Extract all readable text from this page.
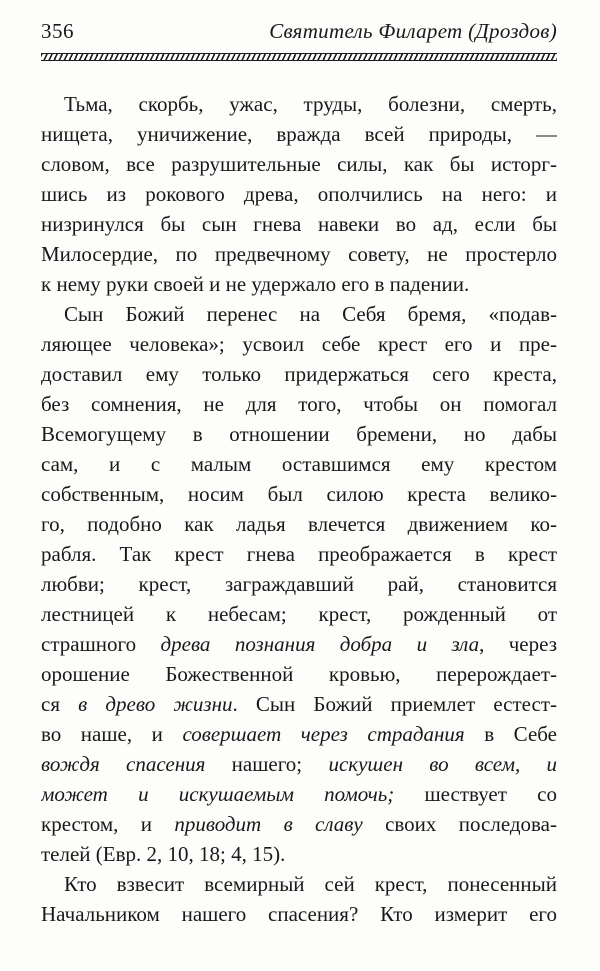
356	Святитель Филарет (Дроздов)
Тьма, скорбь, ужас, труды, болезни, смерть,
нищета, уничижение, вражда всей природы, —
словом, все разрушительные силы, как бы исторг-
шись из рокового древа, ополчились на него: и
низринулся бы сын гнева навеки во ад, если бы
Милосердие, по предвечному совету, не простерло
к нему руки своей и не удержало его в падении.
Сын Божий перенес на Себя бремя, «подав-
ляющее человека»; усвоил себе крест его и пре-
доставил ему только придержаться сего креста,
без сомнения, не для того, чтобы он помогал
Всемогущему в отношении бремени, но дабы
сам, и с малым оставшимся ему крестом
собственным, носим был силою креста велико-
го, подобно как ладья влечется движением ко-
рабля. Так крест гнева преображается в крест
любви; крест, заграждавший рай, становится
лестницей к небесам; крест, рожденный от
страшного древа познания добра и зла, через
орошение Божественной кровью, перерождает-
ся в древо жизни. Сын Божий приемлет естест-
во наше, и совершает через страдания в Себе
вождя спасения нашего; искушен во всем, и
может и искушаемым помочь; шествует со
крестом, и приводит в славу своих последова-
телей (Евр. 2, 10, 18; 4, 15).
Кто взвесит всемирный сей крест, понесенный
Начальником нашего спасения? Кто измерит его
